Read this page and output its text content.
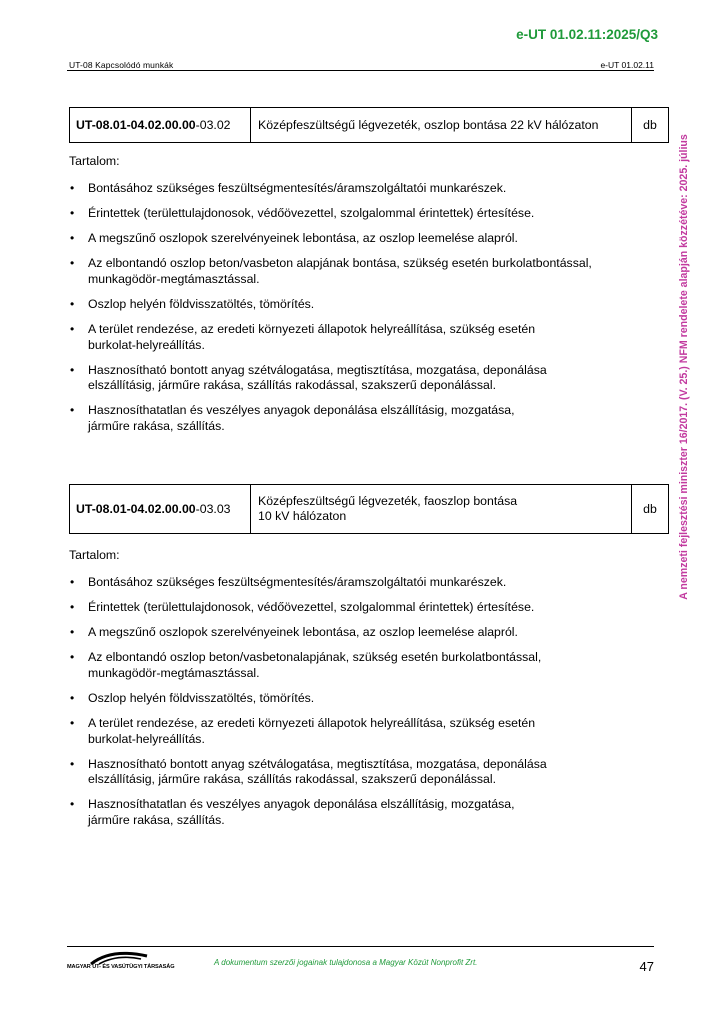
e-UT 01.02.11:2025/Q3
UT-08 Kapcsolódó munkák	e-UT 01.02.11
A nemzeti fejlesztési miniszter 16/2017. (V. 25.) NFM rendelete alapján közzétéve: 2025. július
UT-08.01-04.02.00.00 -03.02 Középfeszültségű légvezeték, oszlop bontása 22 kV hálózaton	db
Tartalom:
• Bontásához szükséges feszültségmentesítés/áramszolgáltatói munkarészek.
• Érintettek (területtulajdonosok, védőövezettel, szolgalommal érintettek) értesítése.
• A megszűnő oszlopok szerelvényeinek lebontása, az oszlop leemelése alapról.
• Az elbontandó oszlop beton/vasbeton alapjának bontása, szükség esetén burkolatbontással,
munkagödör-megtámasztással.
• Oszlop helyén földvisszatöltés, tömörítés.
• A terület rendezése, az eredeti környezeti állapotok helyreállítása, szükség esetén
burkolat-helyreállítás.
• Hasznosítható bontott anyag szétválogatása, megtisztítása, mozgatása, deponálása
elszállításig, járműre rakása, szállítás rakodással, szakszerű deponálással.
• Hasznosíthatatlan és veszélyes anyagok deponálása elszállításig, mozgatása,
járműre rakása, szállítás.
UT-08.01-04.02.00.00 -03.03
Középfeszültségű légvezeték, faoszlop bontása
10 kV hálózaton	db
Tartalom:
• Bontásához szükséges feszültségmentesítés/áramszolgáltatói munkarészek.
• Érintettek (területtulajdonosok, védőövezettel, szolgalommal érintettek) értesítése.
• A megszűnő oszlopok szerelvényeinek lebontása, az oszlop leemelése alapról.
• Az elbontandó oszlop beton/vasbetonalapjának, szükség esetén burkolatbontással,
munkagödör-megtámasztással.
• Oszlop helyén földvisszatöltés, tömörítés.
• A terület rendezése, az eredeti környezeti állapotok helyreállítása, szükség esetén
burkolat-helyreállítás.
• Hasznosítható bontott anyag szétválogatása, megtisztítása, mozgatása, deponálása
elszállításig, járműre rakása, szállítás rakodással, szakszerű deponálással.
• Hasznosíthatatlan és veszélyes anyagok deponálása elszállításig, mozgatása,
járműre rakása, szállítás.
MAGYAR ÚT- ÉS VASÚTÜGYI TÁRSASÁG	A dokumentum szerzői jogainak tulajdonosa a Magyar Közút Nonprofit Zrt.	47
